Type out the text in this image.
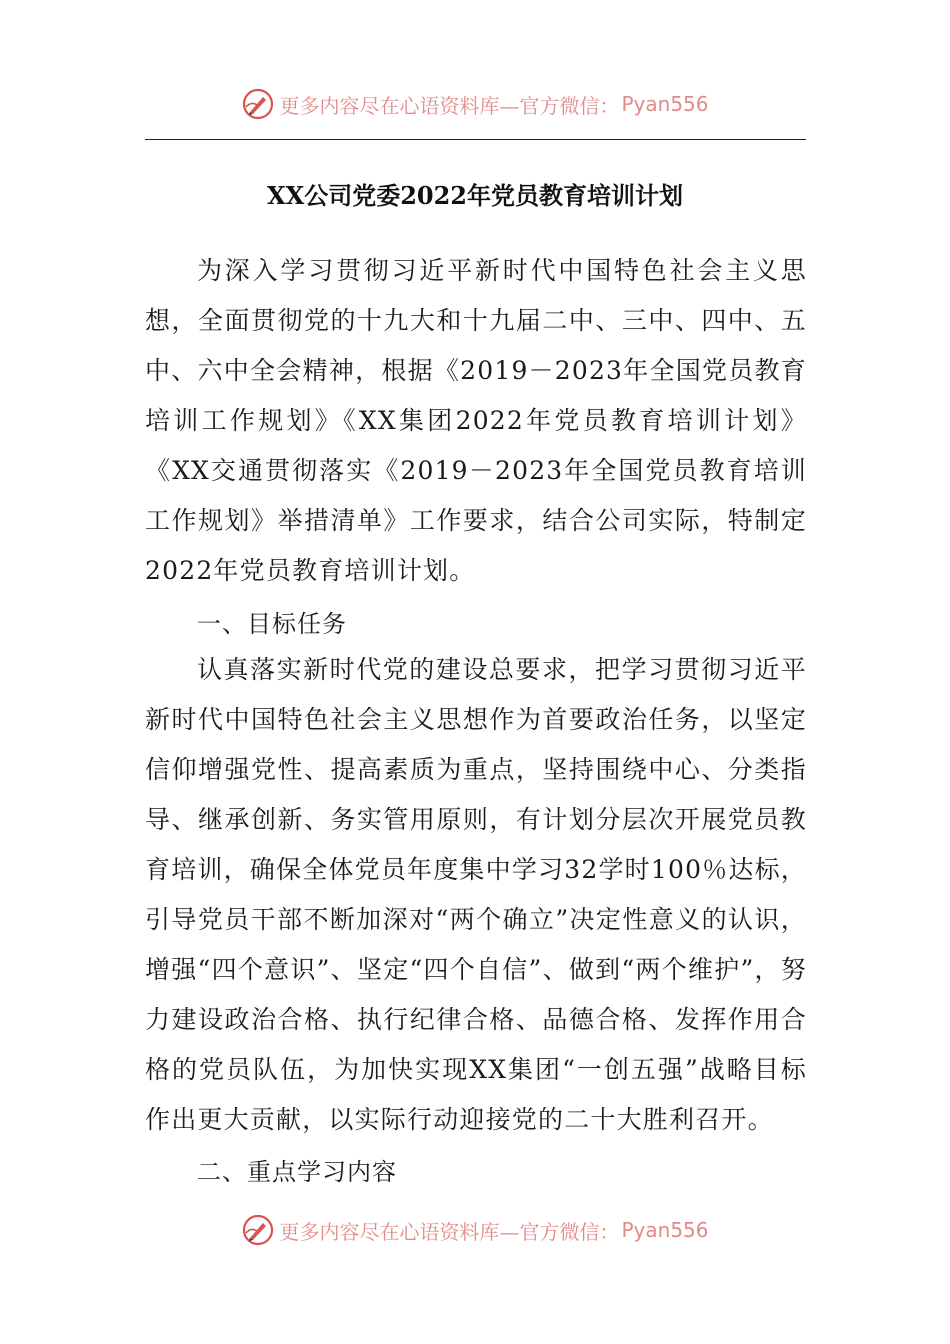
更多内容尽在心语资料库—官方微信： Pyan556
XX公司党委2022年党员教育培训计划
为深入学习贯彻习近平新时代中国特色社会主义思想，全面贯彻党的十九大和十九届二中、三中、四中、五中、六中全会精神，根据《2019－2023年全国党员教育培训工作规划》《XX集团2022年党员教育培训计划》《XX交通贯彻落实《2019－2023年全国党员教育培训工作规划》举措清单》工作要求，结合公司实际，特制定2022年党员教育培训计划。
一、目标任务
认真落实新时代党的建设总要求，把学习贯彻习近平新时代中国特色社会主义思想作为首要政治任务，以坚定信仰增强党性、提高素质为重点，坚持围绕中心、分类指导、继承创新、务实管用原则，有计划分层次开展党员教育培训，确保全体党员年度集中学习32学时100％达标，引导党员干部不断加深对“两个确立”决定性意义的认识，增强“四个意识”、坚定“四个自信”、做到“两个维护”，努力建设政治合格、执行纪律合格、品德合格、发挥作用合格的党员队伍，为加快实现XX集团“一创五强”战略目标作出更大贡献，以实际行动迎接党的二十大胜利召开。
二、重点学习内容
更多内容尽在心语资料库—官方微信： Pyan556
